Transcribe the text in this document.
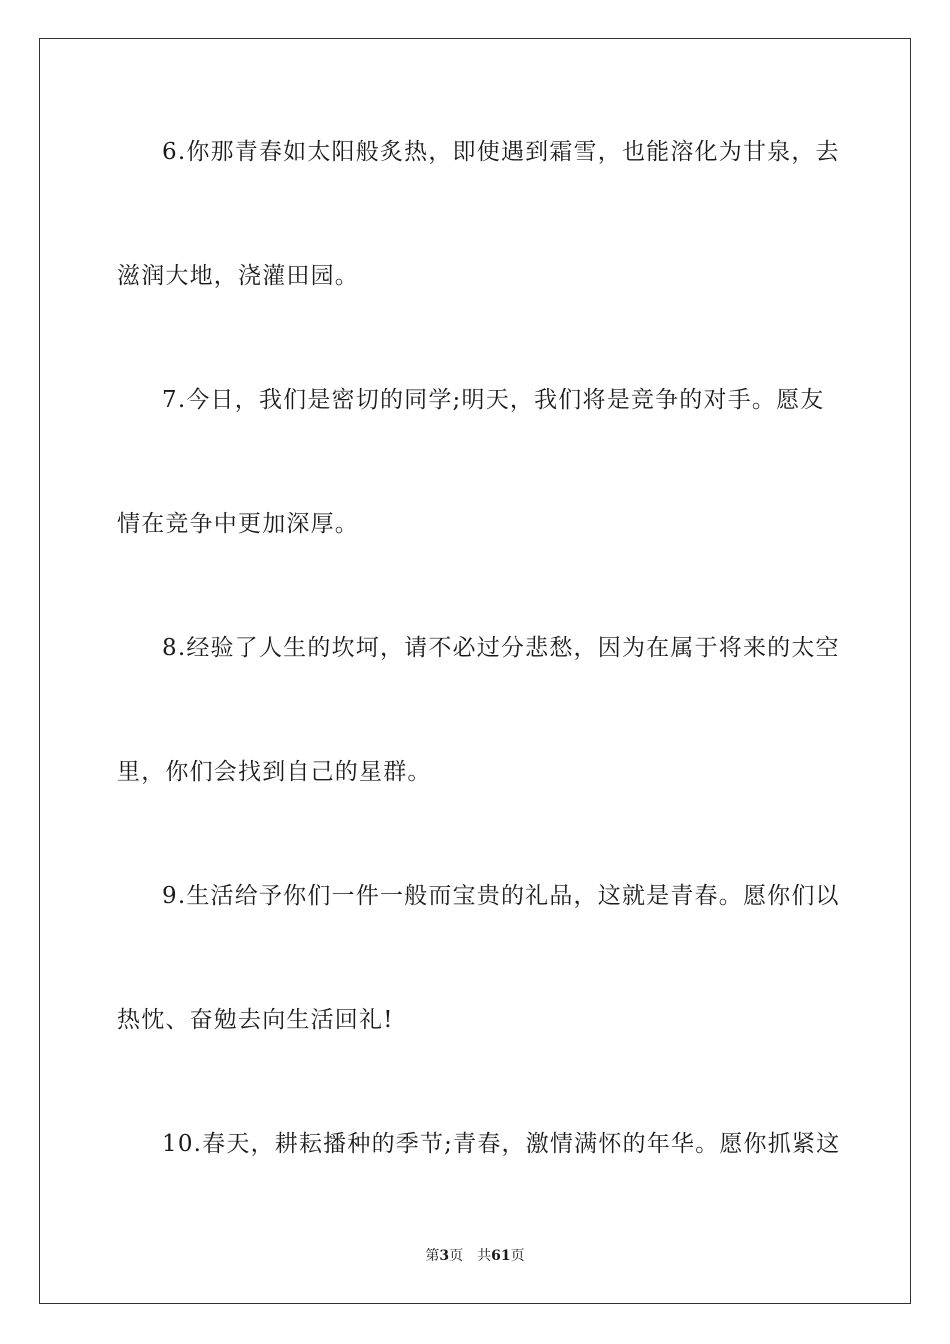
6.你那青春如太阳般炙热，即使遇到霜雪，也能溶化为甘泉，去
滋润大地，浇灌田园。
7.今日，我们是密切的同学;明天，我们将是竞争的对手。愿友
情在竞争中更加深厚。
8.经验了人生的坎坷，请不必过分悲愁，因为在属于将来的太空
里，你们会找到自己的星群。
9.生活给予你们一件一般而宝贵的礼品，这就是青春。愿你们以
热忱、奋勉去向生活回礼!
10.春天，耕耘播种的季节;青春，激情满怀的年华。愿你抓紧这
第3页 共61页
